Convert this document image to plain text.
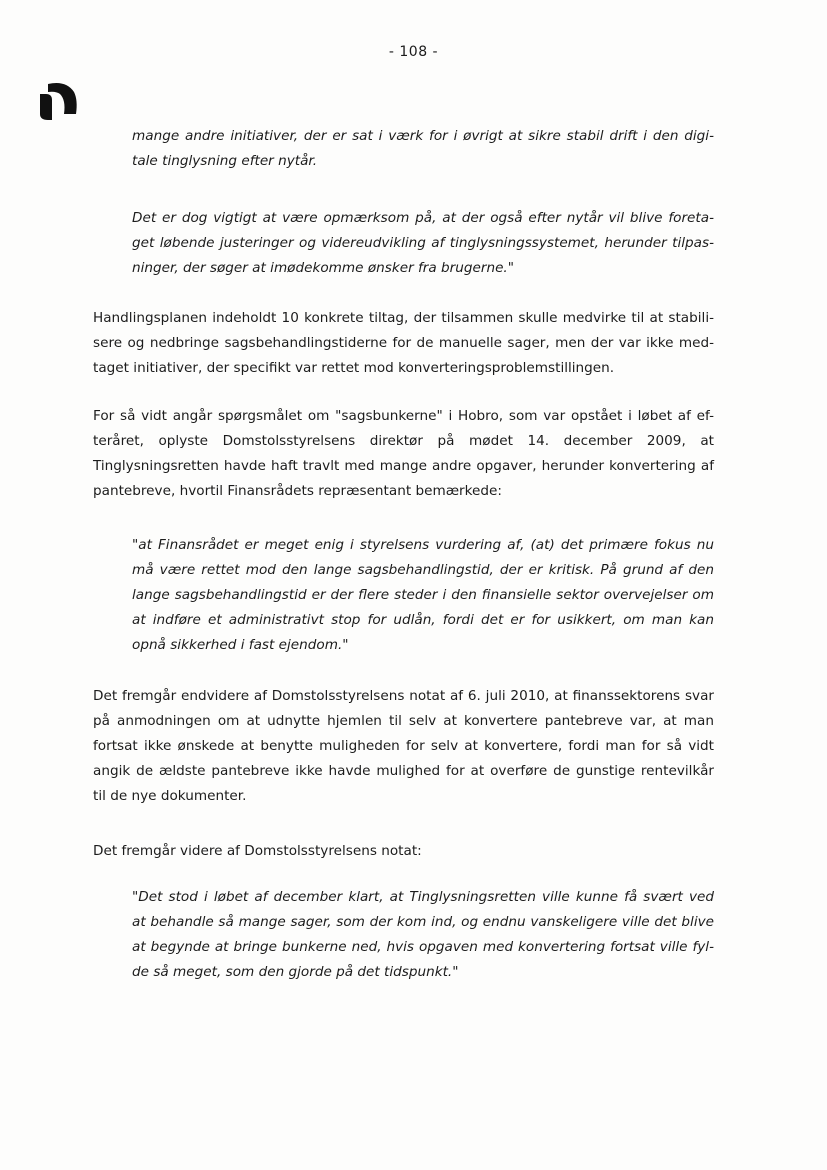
- 108 -
mange andre initiativer, der er sat i værk for i øvrigt at sikre stabil drift i den digi-
tale tinglysning efter nytår.
Det er dog vigtigt at være opmærksom på, at der også efter nytår vil blive foreta-
get løbende justeringer og videreudvikling af tinglysningssystemet, herunder tilpas-
ninger, der søger at imødekomme ønsker fra brugerne."
Handlingsplanen indeholdt 10 konkrete tiltag, der tilsammen skulle medvirke til at stabili-
sere og nedbringe sagsbehandlingstiderne for de manuelle sager, men der var ikke med-
taget initiativer, der specifikt var rettet mod konverteringsproblemstillingen.
For så vidt angår spørgsmålet om "sagsbunkerne" i Hobro, som var opstået i løbet af ef-
teråret, oplyste Domstolsstyrelsens direktør på mødet 14. december 2009, at
Tinglysningsretten havde haft travlt med mange andre opgaver, herunder konvertering af
pantebreve, hvortil Finansrådets repræsentant bemærkede:
"at Finansrådet er meget enig i styrelsens vurdering af, (at) det primære fokus nu
må være rettet mod den lange sagsbehandlingstid, der er kritisk. På grund af den
lange sagsbehandlingstid er der flere steder i den finansielle sektor overvejelser om
at indføre et administrativt stop for udlån, fordi det er for usikkert, om man kan
opnå sikkerhed i fast ejendom."
Det fremgår endvidere af Domstolsstyrelsens notat af 6. juli 2010, at finanssektorens svar
på anmodningen om at udnytte hjemlen til selv at konvertere pantebreve var, at man
fortsat ikke ønskede at benytte muligheden for selv at konvertere, fordi man for så vidt
angik de ældste pantebreve ikke havde mulighed for at overføre de gunstige rentevilkår
til de nye dokumenter.
Det fremgår videre af Domstolsstyrelsens notat:
"Det stod i løbet af december klart, at Tinglysningsretten ville kunne få svært ved
at behandle så mange sager, som der kom ind, og endnu vanskeligere ville det blive
at begynde at bringe bunkerne ned, hvis opgaven med konvertering fortsat ville fyl-
de så meget, som den gjorde på det tidspunkt."
